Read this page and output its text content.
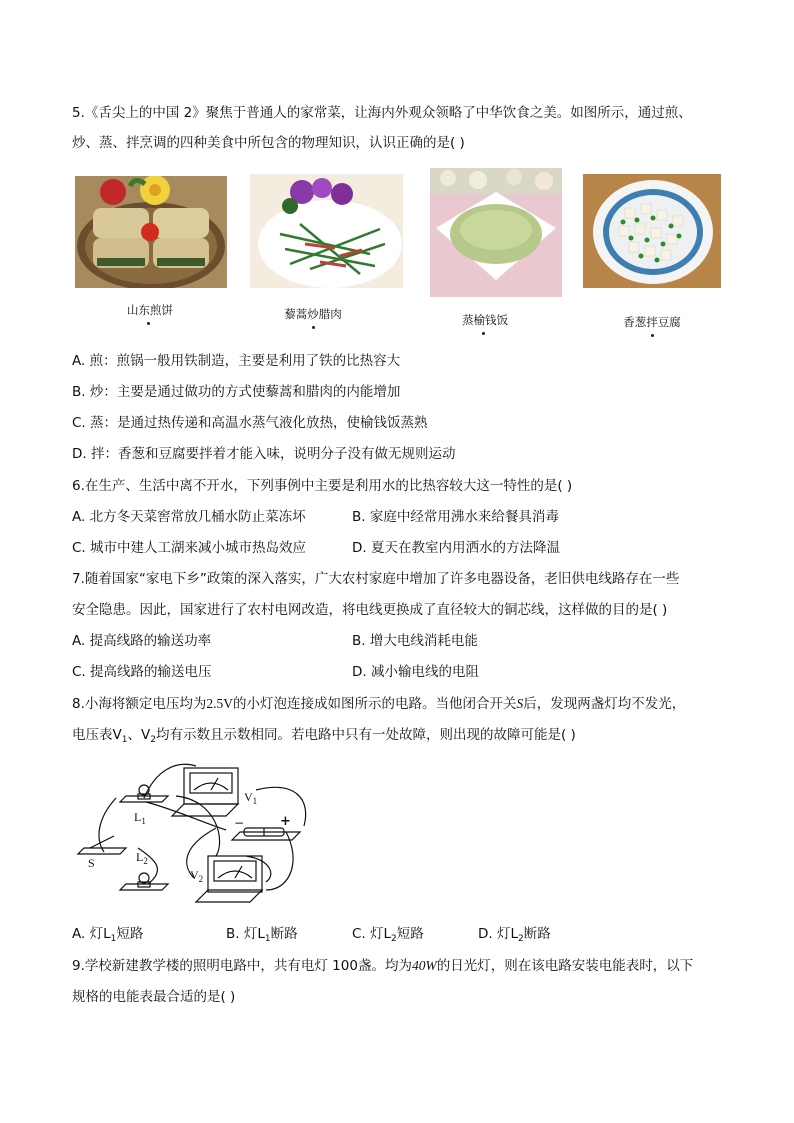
5.《舌尖上的中国 2》聚焦于普通人的家常菜，让海内外观众领略了中华饮食之美。如图所示，通过煎、
炒、蒸、拌烹调的四种美食中所包含的物理知识，认识正确的是( )
山东煎饼	藜蒿炒腊肉	蒸榆钱饭	香葱拌豆腐
A. 煎：煎锅一般用铁制造，主要是利用了铁的比热容大
B. 炒：主要是通过做功的方式使藜蒿和腊肉的内能增加
C. 蒸：是通过热传递和高温水蒸气液化放热，使榆钱饭蒸熟
D. 拌：香葱和豆腐要拌着才能入味，说明分子没有做无规则运动
6.在生产、生活中离不开水，下列事例中主要是利用水的比热容较大这一特性的是( )
A. 北方冬天菜窖常放几桶水防止菜冻坏	B. 家庭中经常用沸水来给餐具消毒
C. 城市中建人工湖来减小城市热岛效应	D. 夏天在教室内用洒水的方法降温
7.随着国家“家电下乡”政策的深入落实，广大农村家庭中增加了许多电器设备，老旧供电线路存在一些
安全隐患。因此，国家进行了农村电网改造，将电线更换成了直径较大的铜芯线，这样做的目的是( )
A. 提高线路的输送功率	B. 增大电线消耗电能
C. 提高线路的输送电压	D. 减小输电线的电阻
8.小海将额定电压均为2.5V的小灯泡连接成如图所示的电路。当他闭合开关S后，发现两盏灯均不发光，
电压表$V_1$、$V_2$均有示数且示数相同。若电路中只有一处故障，则出现的故障可能是( )
$L_1$
$V_1$
−	+
S	$L_2$
$V_2$
A. 灯$L_1$短路	B. 灯$L_1$断路	C. 灯$L_2$短路	D. 灯$L_2$断路
9.学校新建教学楼的照明电路中，共有电灯 100盏。均为40W的日光灯，则在该电路安装电能表时，以下
规格的电能表最合适的是( )
